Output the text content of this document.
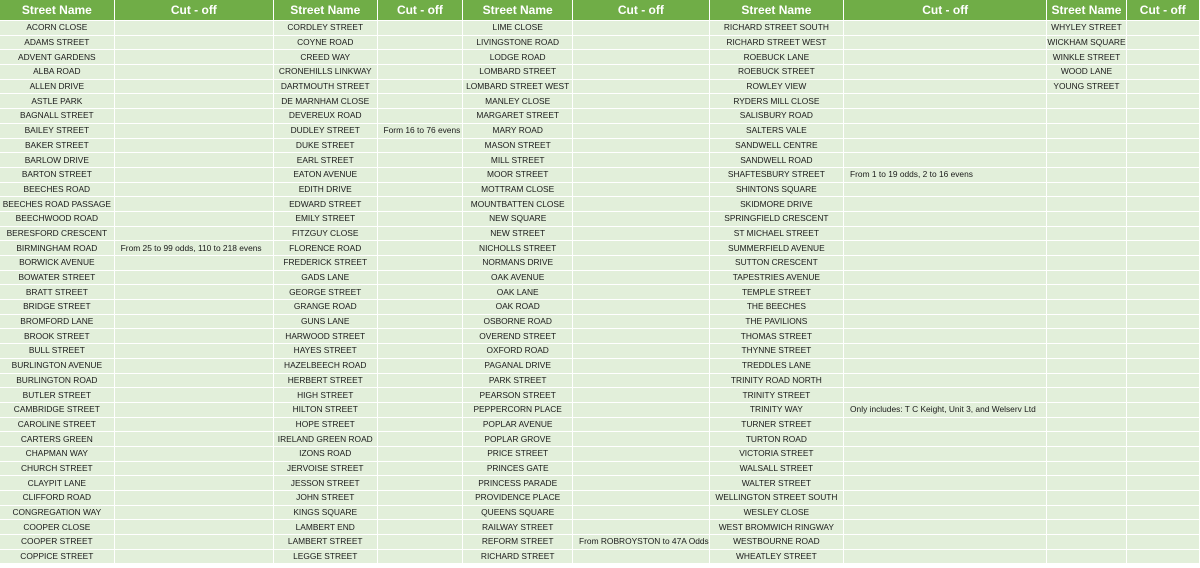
Street Name	Cut - off	Street Name	Cut - off	Street Name	Cut - off	Street Name	Cut - off	Street Name	Cut - off
ACORN CLOSE		CORDLEY STREET		LIME CLOSE		RICHARD STREET SOUTH		WHYLEY STREET	
ADAMS STREET		COYNE ROAD		LIVINGSTONE ROAD		RICHARD STREET WEST		WICKHAM SQUARE	
ADVENT GARDENS		CREED WAY		LODGE ROAD		ROEBUCK LANE		WINKLE STREET	
ALBA ROAD		CRONEHILLS LINKWAY		LOMBARD STREET		ROEBUCK STREET		WOOD LANE	
ALLEN DRIVE		DARTMOUTH STREET		LOMBARD STREET WEST		ROWLEY VIEW		YOUNG STREET	
ASTLE PARK		DE MARNHAM CLOSE		MANLEY CLOSE		RYDERS MILL CLOSE			
BAGNALL STREET		DEVEREUX ROAD		MARGARET STREET		SALISBURY ROAD			
BAILEY STREET		DUDLEY STREET	Form 16 to 76 evens	MARY ROAD		SALTERS VALE			
BAKER STREET		DUKE STREET		MASON STREET		SANDWELL CENTRE			
BARLOW DRIVE		EARL STREET		MILL STREET		SANDWELL ROAD			
BARTON STREET		EATON AVENUE		MOOR STREET		SHAFTESBURY STREET	From 1 to 19 odds, 2 to 16 evens		
BEECHES ROAD		EDITH DRIVE		MOTTRAM CLOSE		SHINTONS SQUARE			
BEECHES ROAD PASSAGE		EDWARD STREET		MOUNTBATTEN CLOSE		SKIDMORE DRIVE			
BEECHWOOD ROAD		EMILY STREET		NEW SQUARE		SPRINGFIELD CRESCENT			
BERESFORD CRESCENT		FITZGUY CLOSE		NEW STREET		ST MICHAEL STREET			
BIRMINGHAM ROAD	From 25 to 99 odds, 110 to 218 evens	FLORENCE ROAD		NICHOLLS STREET		SUMMERFIELD AVENUE			
BORWICK AVENUE		FREDERICK STREET		NORMANS DRIVE		SUTTON CRESCENT			
BOWATER STREET		GADS LANE		OAK AVENUE		TAPESTRIES AVENUE			
BRATT STREET		GEORGE STREET		OAK LANE		TEMPLE STREET			
BRIDGE STREET		GRANGE ROAD		OAK ROAD		THE BEECHES			
BROMFORD LANE		GUNS LANE		OSBORNE ROAD		THE PAVILIONS			
BROOK STREET		HARWOOD STREET		OVEREND STREET		THOMAS STREET			
BULL STREET		HAYES STREET		OXFORD ROAD		THYNNE STREET			
BURLINGTON AVENUE		HAZELBEECH ROAD		PAGANAL DRIVE		TREDDLES LANE			
BURLINGTON ROAD		HERBERT STREET		PARK STREET		TRINITY ROAD NORTH			
BUTLER STREET		HIGH STREET		PEARSON STREET		TRINITY STREET			
CAMBRIDGE STREET		HILTON STREET		PEPPERCORN PLACE		TRINITY WAY	Only includes: T C Keight, Unit 3, and Welserv Ltd		
CAROLINE STREET		HOPE STREET		POPLAR AVENUE		TURNER STREET			
CARTERS GREEN		IRELAND GREEN ROAD		POPLAR GROVE		TURTON ROAD			
CHAPMAN WAY		IZONS ROAD		PRICE STREET		VICTORIA STREET			
CHURCH STREET		JERVOISE STREET		PRINCES GATE		WALSALL STREET			
CLAYPIT LANE		JESSON STREET		PRINCESS PARADE		WALTER STREET			
CLIFFORD ROAD		JOHN STREET		PROVIDENCE PLACE		WELLINGTON STREET SOUTH			
CONGREGATION WAY		KINGS SQUARE		QUEENS SQUARE		WESLEY CLOSE			
COOPER CLOSE		LAMBERT END		RAILWAY STREET		WEST BROMWICH RINGWAY			
COOPER STREET		LAMBERT STREET		REFORM STREET	From ROBROYSTON to 47A Odds	WESTBOURNE ROAD			
COPPICE STREET		LEGGE STREET		RICHARD STREET		WHEATLEY STREET			
